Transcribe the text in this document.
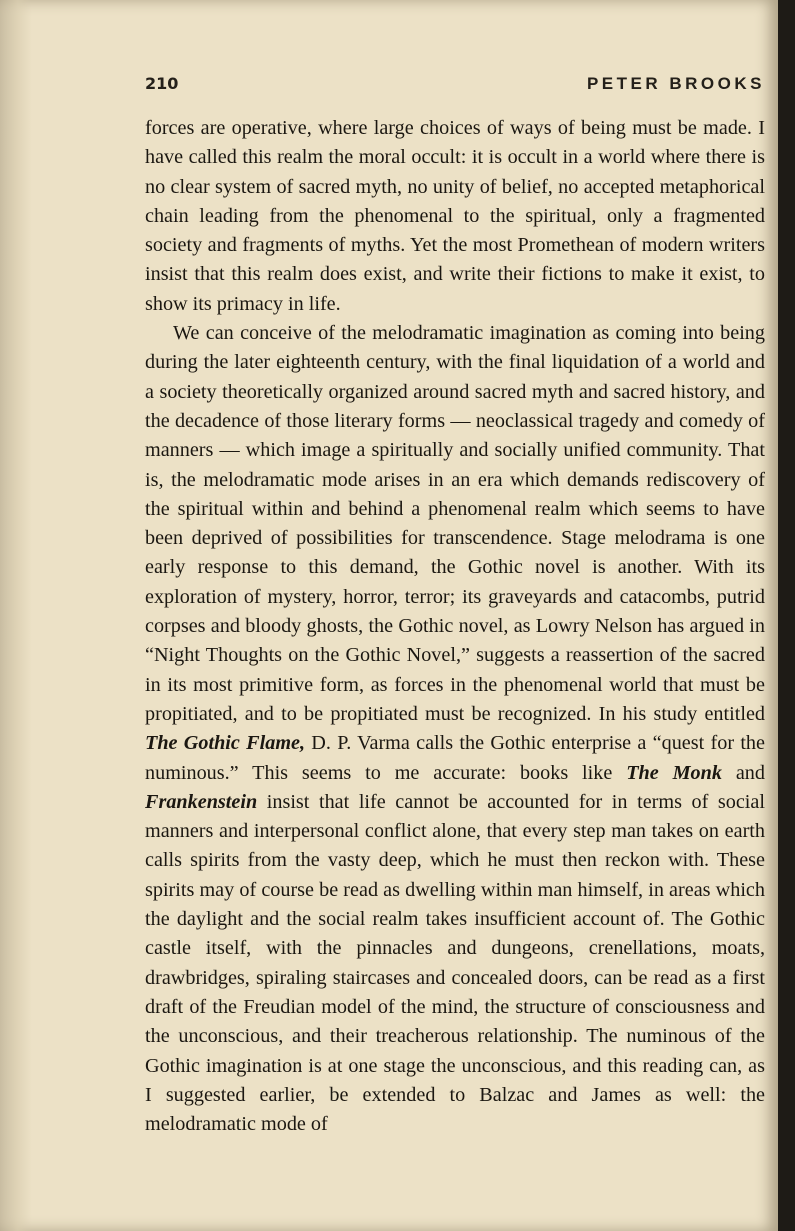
210	PETER BROOKS

forces are operative, where large choices of ways of being must be made. I have called this realm the moral occult: it is occult in a world where there is no clear system of sacred myth, no unity of belief, no accepted metaphorical chain leading from the phenomenal to the spiritual, only a fragmented society and fragments of myths. Yet the most Promethean of modern writers insist that this realm does exist, and write their fictions to make it exist, to show its primacy in life.

We can conceive of the melodramatic imagination as coming into being during the later eighteenth century, with the final liquidation of a world and a society theoretically organized around sacred myth and sacred history, and the decadence of those literary forms — neoclassical tragedy and comedy of manners — which image a spiritually and socially unified community. That is, the melodramatic mode arises in an era which demands rediscovery of the spiritual within and behind a phenomenal realm which seems to have been deprived of possibilities for transcendence. Stage melodrama is one early response to this demand, the Gothic novel is another. With its exploration of mystery, horror, terror; its graveyards and catacombs, putrid corpses and bloody ghosts, the Gothic novel, as Lowry Nelson has argued in “Night Thoughts on the Gothic Novel,” suggests a reassertion of the sacred in its most primitive form, as forces in the phenomenal world that must be propitiated, and to be propitiated must be recognized. In his study entitled The Gothic Flame, D. P. Varma calls the Gothic enterprise a “quest for the numinous.” This seems to me accurate: books like The Monk and Frankenstein insist that life cannot be accounted for in terms of social manners and interpersonal conflict alone, that every step man takes on earth calls spirits from the vasty deep, which he must then reckon with. These spirits may of course be read as dwelling within man himself, in areas which the daylight and the social realm takes insufficient account of. The Gothic castle itself, with the pinnacles and dungeons, crenellations, moats, drawbridges, spiraling staircases and concealed doors, can be read as a first draft of the Freudian model of the mind, the structure of consciousness and the unconscious, and their treacherous relationship. The numinous of the Gothic imagination is at one stage the unconscious, and this reading can, as I suggested earlier, be extended to Balzac and James as well: the melodramatic mode of
